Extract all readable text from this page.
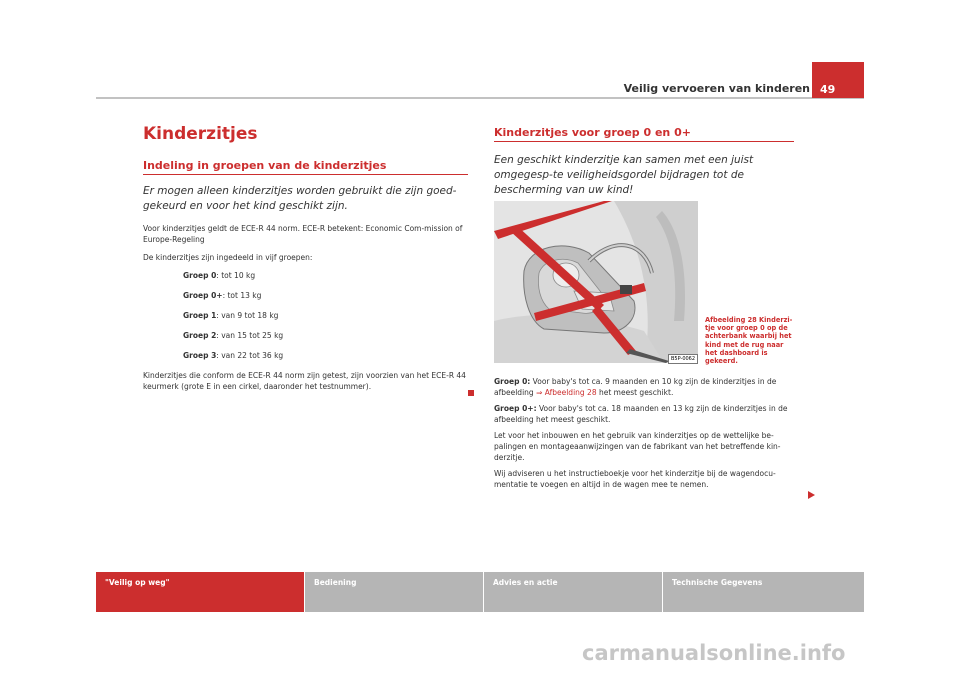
Veilig vervoeren van kinderen 49
Kinderzitjes
Indeling in groepen van de kinderzitjes

Er mogen alleen kinderzitjes worden gebruikt die zijn goed-gekeurd en voor het kind geschikt zijn.

Voor kinderzitjes geldt de ECE-R 44 norm. ECE-R betekent: Economic Com-mission of Europe-Regeling

De kinderzitjes zijn ingedeeld in vijf groepen:

Groep 0: tot 10 kg
Groep 0+: tot 13 kg
Groep 1: van 9 tot 18 kg
Groep 2: van 15 tot 25 kg
Groep 3: van 22 tot 36 kg

Kinderzitjes die conform de ECE-R 44 norm zijn getest, zijn voorzien van het ECE-R 44 keurmerk (grote E in een cirkel, daaronder het testnummer).

Kinderzitjes voor groep 0 en 0+

Een geschikt kinderzitje kan samen met een juist omgegesp-te veiligheidsgordel bijdragen tot de bescherming van uw kind!

B5P-0062
Afbeelding 28 Kinderzi-tje voor groep 0 op de achterbank waarbij het kind met de rug naar het dashboard is gekeerd.

Groep 0: Voor baby's tot ca. 9 maanden en 10 kg zijn de kinderzitjes in de afbeelding ⇒ Afbeelding 28 het meest geschikt.

Groep 0+: Voor baby's tot ca. 18 maanden en 13 kg zijn de kinderzitjes in de afbeelding het meest geschikt.

Let voor het inbouwen en het gebruik van kinderzitjes op de wettelijke be-palingen en montageaanwijzingen van de fabrikant van het betreffende kin-derzitje.

Wij adviseren u het instructieboekje voor het kinderzitje bij de wagendocu-mentatie te voegen en altijd in de wagen mee te nemen.

"Veilig op weg"	Bediening	Advies en actie	Technische Gegevens
carmanualsonline.info
